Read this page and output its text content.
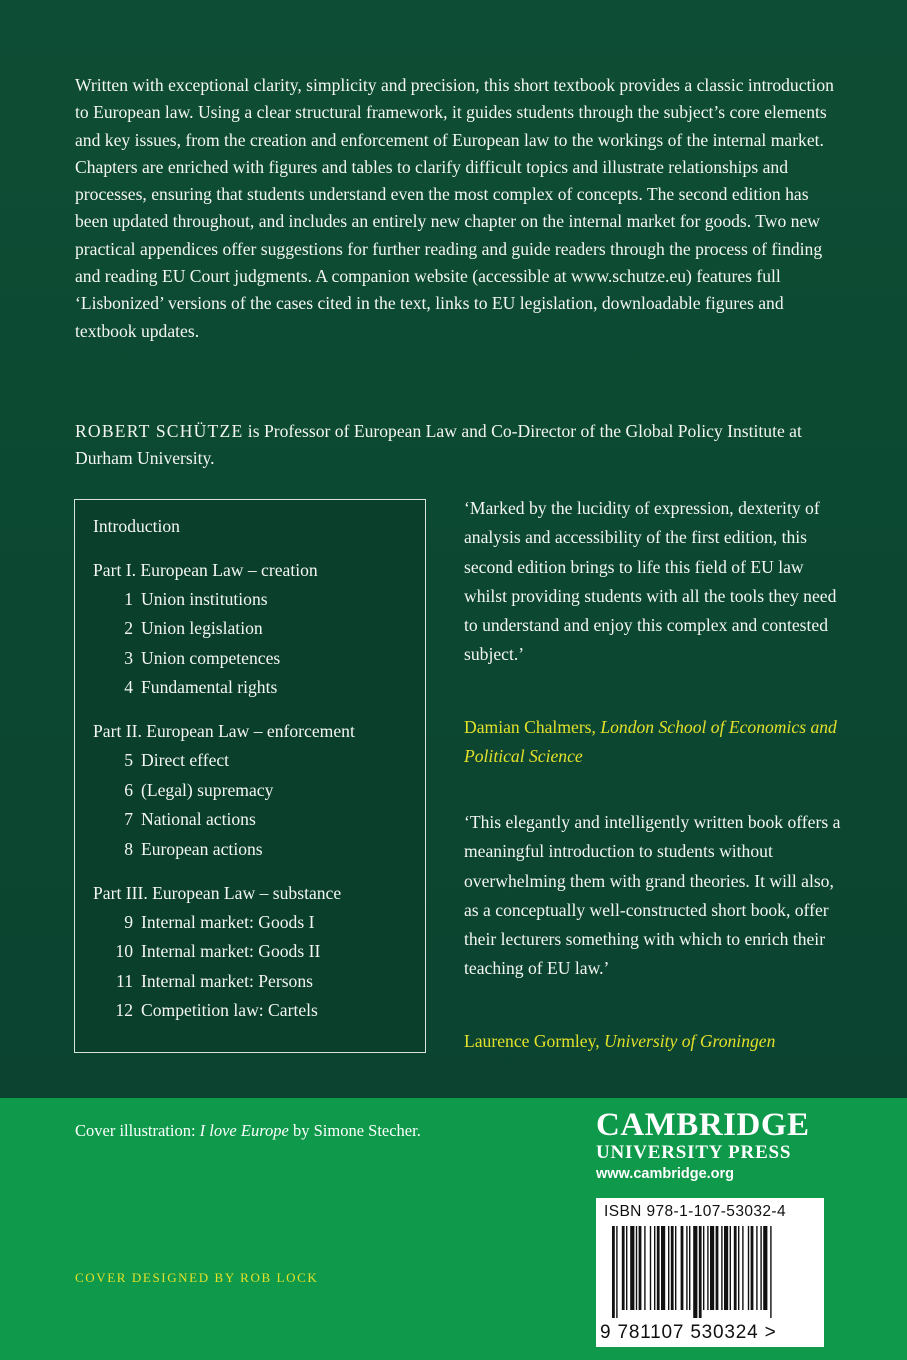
Written with exceptional clarity, simplicity and precision, this short textbook provides a classic introduction to European law. Using a clear structural framework, it guides students through the subject’s core elements and key issues, from the creation and enforcement of European law to the workings of the internal market. Chapters are enriched with figures and tables to clarify difficult topics and illustrate relationships and processes, ensuring that students understand even the most complex of concepts. The second edition has been updated throughout, and includes an entirely new chapter on the internal market for goods. Two new practical appendices offer suggestions for further reading and guide readers through the process of finding and reading EU Court judgments. A companion website (accessible at www.schutze.eu) features full ‘Lisbonized’ versions of the cases cited in the text, links to EU legislation, downloadable figures and textbook updates.

ROBERT SCHÜTZE is Professor of European Law and Co-Director of the Global Policy Institute at Durham University.

Introduction
Part I. European Law – creation
1 Union institutions
2 Union legislation
3 Union competences
4 Fundamental rights
Part II. European Law – enforcement
5 Direct effect
6 (Legal) supremacy
7 National actions
8 European actions
Part III. European Law – substance
9 Internal market: Goods I
10 Internal market: Goods II
11 Internal market: Persons
12 Competition law: Cartels

‘Marked by the lucidity of expression, dexterity of analysis and accessibility of the first edition, this second edition brings to life this field of EU law whilst providing students with all the tools they need to understand and enjoy this complex and contested subject.’

Damian Chalmers, London School of Economics and Political Science

‘This elegantly and intelligently written book offers a meaningful introduction to students without overwhelming them with grand theories. It will also, as a conceptually well-constructed short book, offer their lecturers something with which to enrich their teaching of EU law.’

Laurence Gormley, University of Groningen

Cover illustration: I love Europe by Simone Stecher.
COVER DESIGNED BY ROB LOCK
CAMBRIDGE
UNIVERSITY PRESS
www.cambridge.org
ISBN 978-1-107-53032-4
9 781107 530324 >
